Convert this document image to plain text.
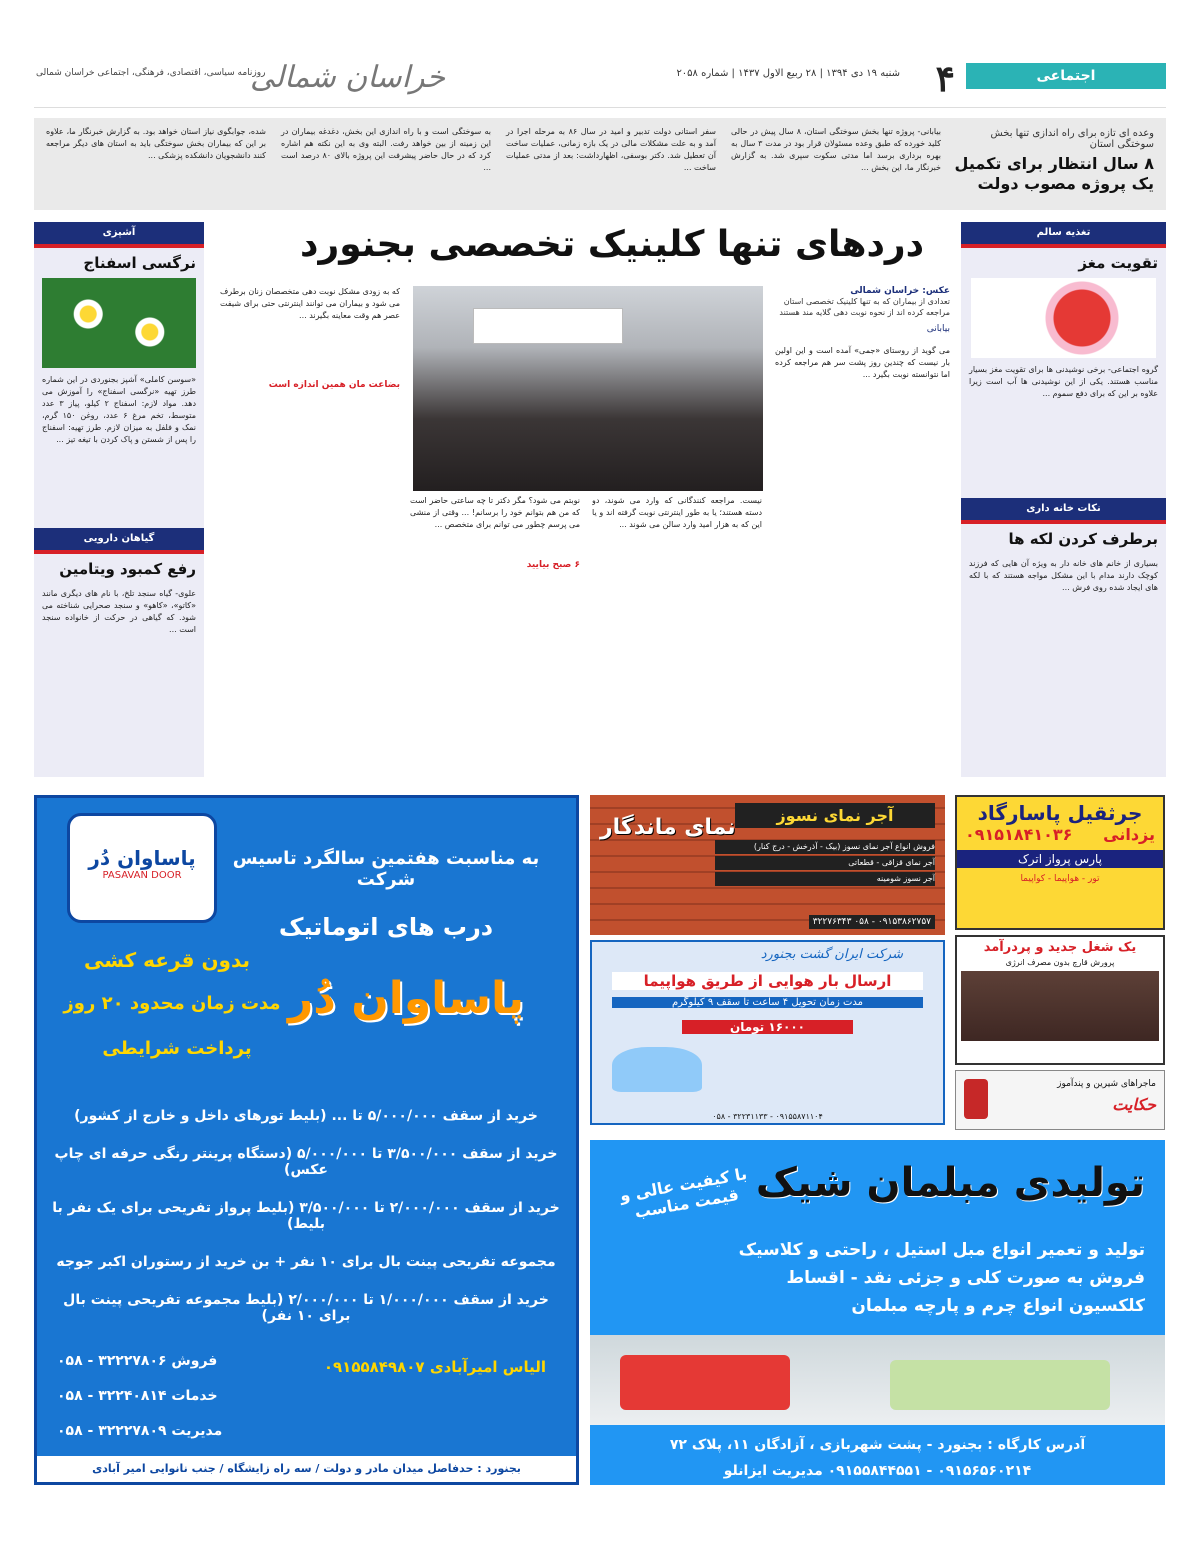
اجتماعی
۴
شنبه ۱۹ دی ۱۳۹۴ | ۲۸ ربیع الاول ۱۴۳۷ | شماره ۲۰۵۸
خراسان شمالی
روزنامه سیاسی، اقتصادی، فرهنگی، اجتماعی خراسان شمالی
وعده ای تازه برای راه اندازی تنها بخش سوختگی استان
۸ سال انتظار برای تکمیل یک پروژه مصوب دولت
بیابانی- پروژه تنها بخش سوختگی استان، ۸ سال پیش در حالی کلید خورده که طبق وعده مسئولان قرار بود در مدت ۳ سال به بهره برداری برسد اما مدتی سکوت سپری شد. به گزارش خبرنگار ما، این بخش ...
سفر استانی دولت تدبیر و امید در سال ۸۶ به مرحله اجرا در آمد و به علت مشکلات مالی در یک بازه زمانی، عملیات ساخت آن تعطیل شد. دکتر بوسفی، اظهارداشت: بعد از مدتی عملیات ساخت ...
به سوختگی است و با راه اندازی این بخش، دغدغه بیماران در این زمینه از بین خواهد رفت. البته وی به این نکته هم اشاره کرد که در حال حاضر پیشرفت این پروژه بالای ۸۰ درصد است ...
شده، جوابگوی نیاز استان خواهد بود. به گزارش خبرنگار ما، علاوه بر این که بیماران بخش سوختگی باید به استان های دیگر مراجعه کنند دانشجویان دانشکده پزشکی ...
تغذیه سالم
تقویت مغز
گروه اجتماعی- برخی نوشیدنی ها برای تقویت مغز بسیار مناسب هستند. یکی از این نوشیدنی ها آب است زیرا علاوه بر این که برای دفع سموم ...
نکات خانه داری
برطرف کردن لکه ها
بسیاری از خانم های خانه دار به ویژه آن هایی که فرزند کوچک دارند مدام با این مشکل مواجه هستند که با لکه های ایجاد شده روی فرش ...
آشپزی
نرگسی اسفناج
«سوسن کاملی» آشپز بجنوردی در این شماره طرز تهیه «نرگسی اسفناج» را آموزش می دهد. مواد لازم: اسفناج ۲ کیلو، پیاز ۳ عدد متوسط، تخم مرغ ۶ عدد، روغن ۱۵۰ گرم، نمک و فلفل به میزان لازم. طرز تهیه: اسفناج را پس از شستن و پاک کردن با تیغه تیز ...
گیاهان دارویی
رفع کمبود ویتامین
علوی- گیاه سنجد تلخ، با نام های دیگری مانند «کاتو»، «کاهو» و سنجد صحرایی شناخته می شود. که گیاهی در حرکت از خانواده سنجد است ...
دردهای تنها کلینیک تخصصی بجنورد
عکس: خراسان شمالی
تعدادی از بیماران که به تنها کلینیک تخصصی استان مراجعه کرده اند از نحوه نوبت دهی گلایه مند هستند
بیابانی
می گوید از روستای «جمی» آمده است و این اولین بار نیست که چندین روز پشت سر هم مراجعه کرده اما نتوانسته نوبت بگیرد ...
نیست. مراجعه کنندگانی که وارد می شوند، دو دسته هستند؛ یا به طور اینترنتی نوبت گرفته اند و یا این که به هزار امید وارد سالن می شوند ...
نوبتم می شود؟ مگر دکتر تا چه ساعتی حاضر است که من هم بتوانم خود را برسانم! ... وقتی از منشی می پرسم چطور می توانم برای متخصص ...
۶ صبح بیایید
که به زودی مشکل نوبت دهی متخصصان زنان برطرف می شود و بیماران می توانند اینترنتی حتی برای شیفت عصر هم وقت معاینه بگیرند ...
بضاعت مان همین اندازه است
پاساوان دُر
PASAVAN DOOR
به مناسبت هفتمین سالگرد تاسیس شرکت
درب های اتوماتیک
پاساوان دُر
بدون قرعه کشی
مدت زمان محدود ۲۰ روز
پرداخت شرایطی
خرید از سقف ۵/۰۰۰/۰۰۰ تا ... (بلیط تورهای داخل و خارج از کشور)
خرید از سقف ۳/۵۰۰/۰۰۰ تا ۵/۰۰۰/۰۰۰ (دستگاه پرینتر رنگی حرفه ای چاپ عکس)
خرید از سقف ۲/۰۰۰/۰۰۰ تا ۳/۵۰۰/۰۰۰ (بلیط پرواز تفریحی برای یک نفر با بلیط)
مجموعه تفریحی پینت بال برای ۱۰ نفر + بن خرید از رستوران اکبر جوجه
خرید از سقف ۱/۰۰۰/۰۰۰ تا ۲/۰۰۰/۰۰۰ (بلیط مجموعه تفریحی پینت بال برای ۱۰ نفر)
الیاس امیرآبادی ۰۹۱۵۵۸۴۹۸۰۷
فروش ۳۲۲۲۷۸۰۶ - ۰۵۸
خدمات ۳۲۲۴۰۸۱۴ - ۰۵۸
مدیریت ۳۲۲۲۷۸۰۹ - ۰۵۸
بجنورد : حدفاصل میدان مادر و دولت / سه راه زایشگاه / جنب نانوایی امیر آبادی
آجر نمای نسوز
نمای ماندگار
فروش انواع آجر نمای نسوز (بیک - آذرخش - درج کنار)
آجر نمای قزاقی - قطعاتی
آجر نسوز شومینه
۰۹۱۵۳۸۶۲۷۵۷ - ۰۵۸ ۳۲۲۷۶۳۴۳
شرکت ایران گشت بجنورد
ارسال بار هوایی از طریق هواپیما
مدت زمان تحویل ۴ ساعت تا سقف ۹ کیلوگرم
۱۶۰۰۰ تومان
۰۹۱۵۵۸۷۱۱۰۴ - ۳۲۲۳۱۱۳۳ - ۰۵۸
جرثقیل پاسارگاد
یزدانی
۰۹۱۵۱۸۴۱۰۳۶
پارس پرواز اترک
تور - هواپیما - کواپیما
یک شغل جدید و پردرآمد
پرورش قارچ بدون مصرف انرژی
ماجراهای شیرین و پندآموز
حکایت
تولیدی مبلمان شیک
با کیفیت عالی و قیمت مناسب
تولید و تعمیر انواع مبل استیل ، راحتی و کلاسیک
فروش به صورت کلی و جزئی نقد - اقساط
کلکسیون انواع چرم و پارچه مبلمان
آدرس کارگاه : بجنورد - پشت شهربازی ، آزادگان ۱۱، پلاک ۷۲
۰۹۱۵۶۵۶۰۲۱۴ - ۰۹۱۵۵۸۴۴۵۵۱ مدیریت ایزانلو
